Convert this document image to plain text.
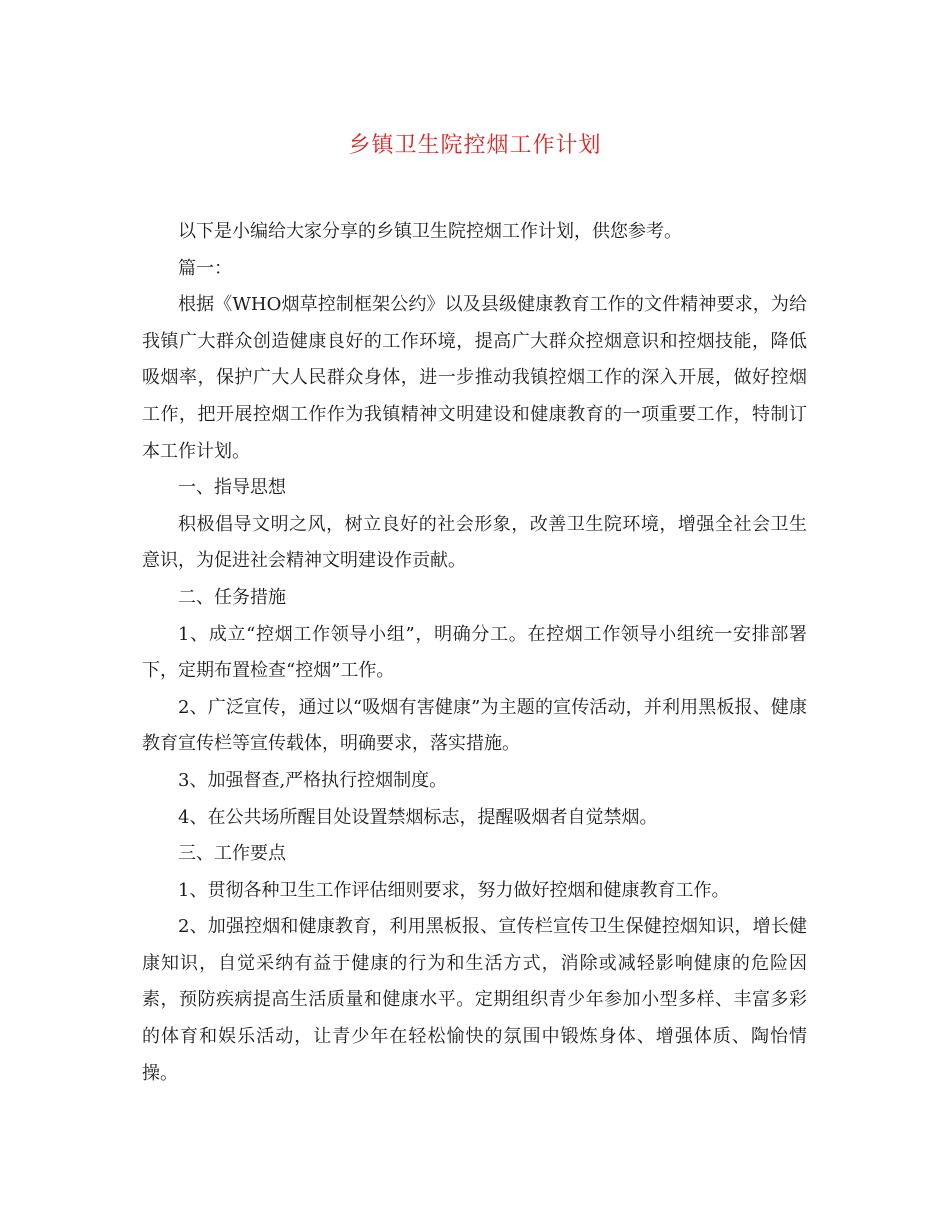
乡镇卫生院控烟工作计划

以下是小编给大家分享的乡镇卫生院控烟工作计划，供您参考。

篇一：

根据《WHO烟草控制框架公约》以及县级健康教育工作的文件精神要求，为给我镇广大群众创造健康良好的工作环境，提高广大群众控烟意识和控烟技能，降低吸烟率，保护广大人民群众身体，进一步推动我镇控烟工作的深入开展，做好控烟工作，把开展控烟工作作为我镇精神文明建设和健康教育的一项重要工作，特制订本工作计划。

一、指导思想

积极倡导文明之风，树立良好的社会形象，改善卫生院环境，增强全社会卫生意识，为促进社会精神文明建设作贡献。

二、任务措施

1、成立“控烟工作领导小组”，明确分工。在控烟工作领导小组统一安排部署下，定期布置检查“控烟”工作。

2、广泛宣传，通过以“吸烟有害健康”为主题的宣传活动，并利用黑板报、健康教育宣传栏等宣传载体，明确要求，落实措施。

3、加强督查,严格执行控烟制度。

4、在公共场所醒目处设置禁烟标志，提醒吸烟者自觉禁烟。

三、工作要点

1、贯彻各种卫生工作评估细则要求，努力做好控烟和健康教育工作。

2、加强控烟和健康教育，利用黑板报、宣传栏宣传卫生保健控烟知识，增长健康知识，自觉采纳有益于健康的行为和生活方式，消除或减轻影响健康的危险因素，预防疾病提高生活质量和健康水平。定期组织青少年参加小型多样、丰富多彩的体育和娱乐活动，让青少年在轻松愉快的氛围中锻炼身体、增强体质、陶怡情操。
